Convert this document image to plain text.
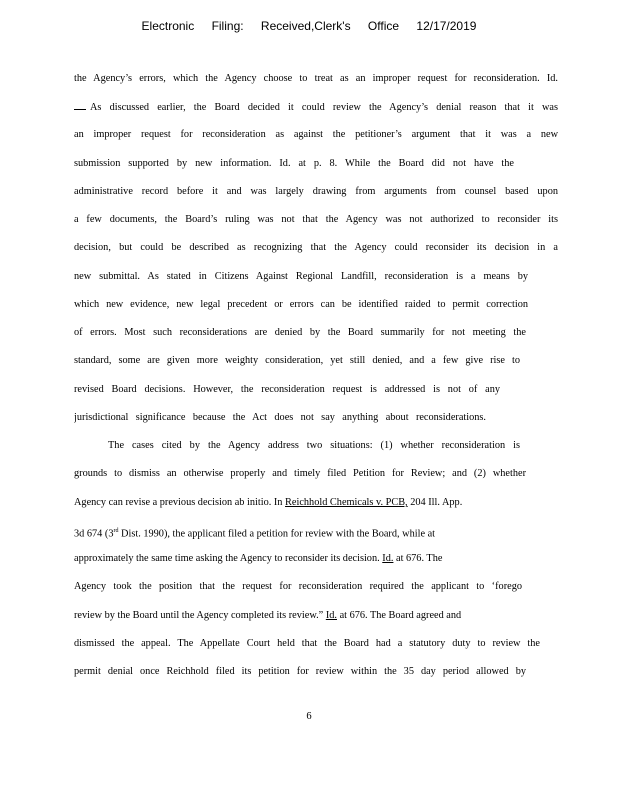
Electronic Filing: Received,Clerk's Office 12/17/2019
the Agency’s errors, which the Agency choose to treat as an improper request for reconsideration. Id.
As discussed earlier, the Board decided it could review the Agency’s denial reason that it was
an improper request for reconsideration as against the petitioner’s argument that it was a new
submission supported by new information. Id. at p. 8. While the Board did not have the
administrative record before it and was largely drawing from arguments from counsel based upon
a few documents, the Board’s ruling was not that the Agency was not authorized to reconsider its
decision, but could be described as recognizing that the Agency could reconsider its decision in a
new submittal. As stated in Citizens Against Regional Landfill, reconsideration is a means by
which new evidence, new legal precedent or errors can be identified raided to permit correction
of errors. Most such reconsiderations are denied by the Board summarily for not meeting the
standard, some are given more weighty consideration, yet still denied, and a few give rise to
revised Board decisions. However, the reconsideration request is addressed is not of any
jurisdictional significance because the Act does not say anything about reconsiderations.
The cases cited by the Agency address two situations: (1) whether reconsideration is
grounds to dismiss an otherwise properly and timely filed Petition for Review; and (2) whether
Agency can revise a previous decision ab initio. In Reichhold Chemicals v. PCB, 204 Ill. App.
3d 674 (3rd Dist. 1990), the applicant filed a petition for review with the Board, while at
approximately the same time asking the Agency to reconsider its decision. Id. at 676. The
Agency took the position that the request for reconsideration required the applicant to ‘forego
review by the Board until the Agency completed its review.” Id. at 676. The Board agreed and
dismissed the appeal. The Appellate Court held that the Board had a statutory duty to review the
permit denial once Reichhold filed its petition for review within the 35 day period allowed by
6
